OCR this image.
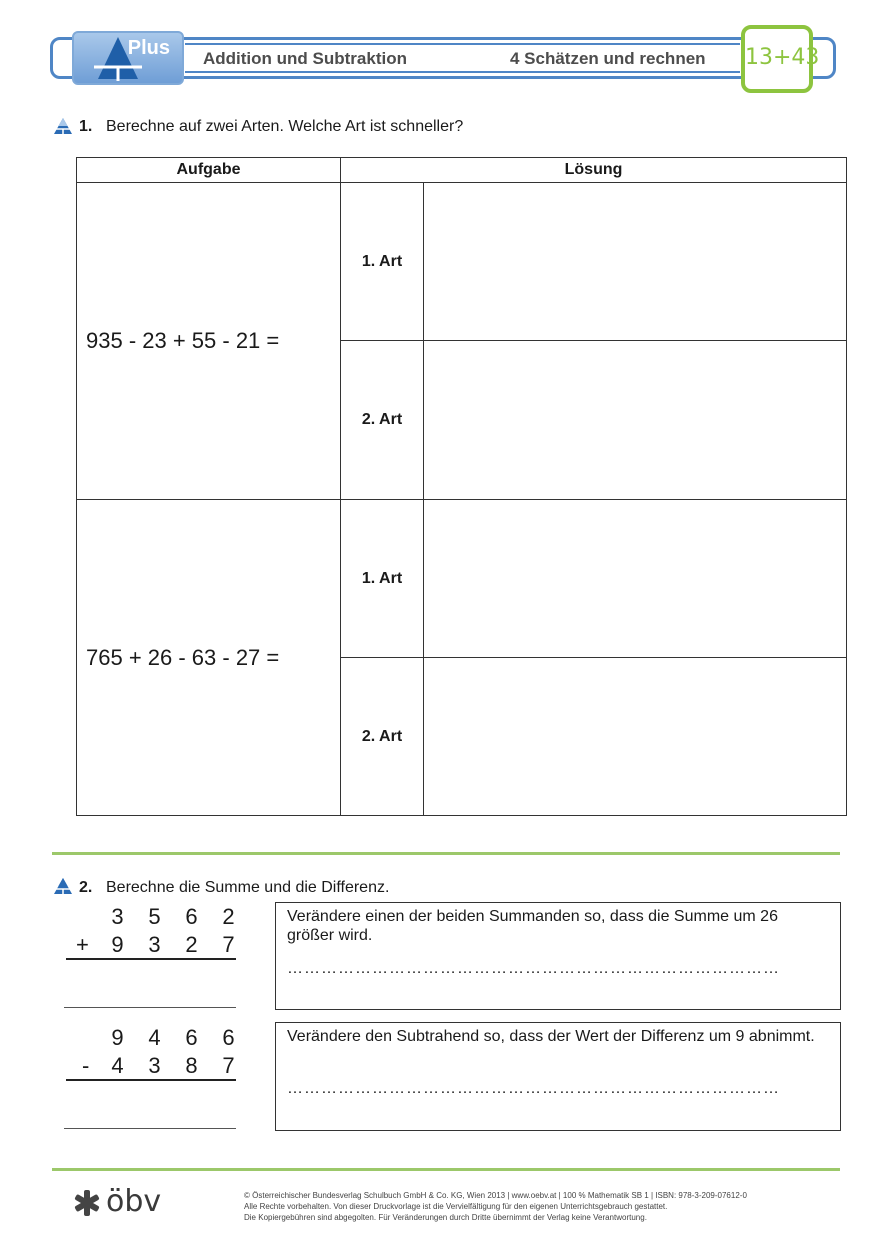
Plus Addition und Subtraktion	4 Schätzen und rechnen 13+43
1. Berechne auf zwei Arten. Welche Art ist schneller?
Aufgabe	Lösung	
935 - 23 + 55 - 21 =	1. Art	
	2. Art	
765 + 26 - 63 - 27 =	1. Art	
	2. Art	
2. Berechne die Summe und die Differenz.
3 5 6 2
+	9 3 2 7
Verändere einen der beiden Summanden so, dass die Summe um 26 größer wird.
……………………………………………………………………………
9 4 6 6
-	4 3 8 7
Verändere den Subtrahend so, dass der Wert der Differenz um 9 abnimmt.
……………………………………………………………………………
öbv	© Österreichischer Bundesverlag Schulbuch GmbH & Co. KG, Wien 2013 | www.oebv.at | 100 % Mathematik SB 1 | ISBN: 978-3-209-07612-0
Alle Rechte vorbehalten. Von dieser Druckvorlage ist die Vervielfältigung für den eigenen Unterrichtsgebrauch gestattet.
Die Kopiergebühren sind abgegolten. Für Veränderungen durch Dritte übernimmt der Verlag keine Verantwortung.
